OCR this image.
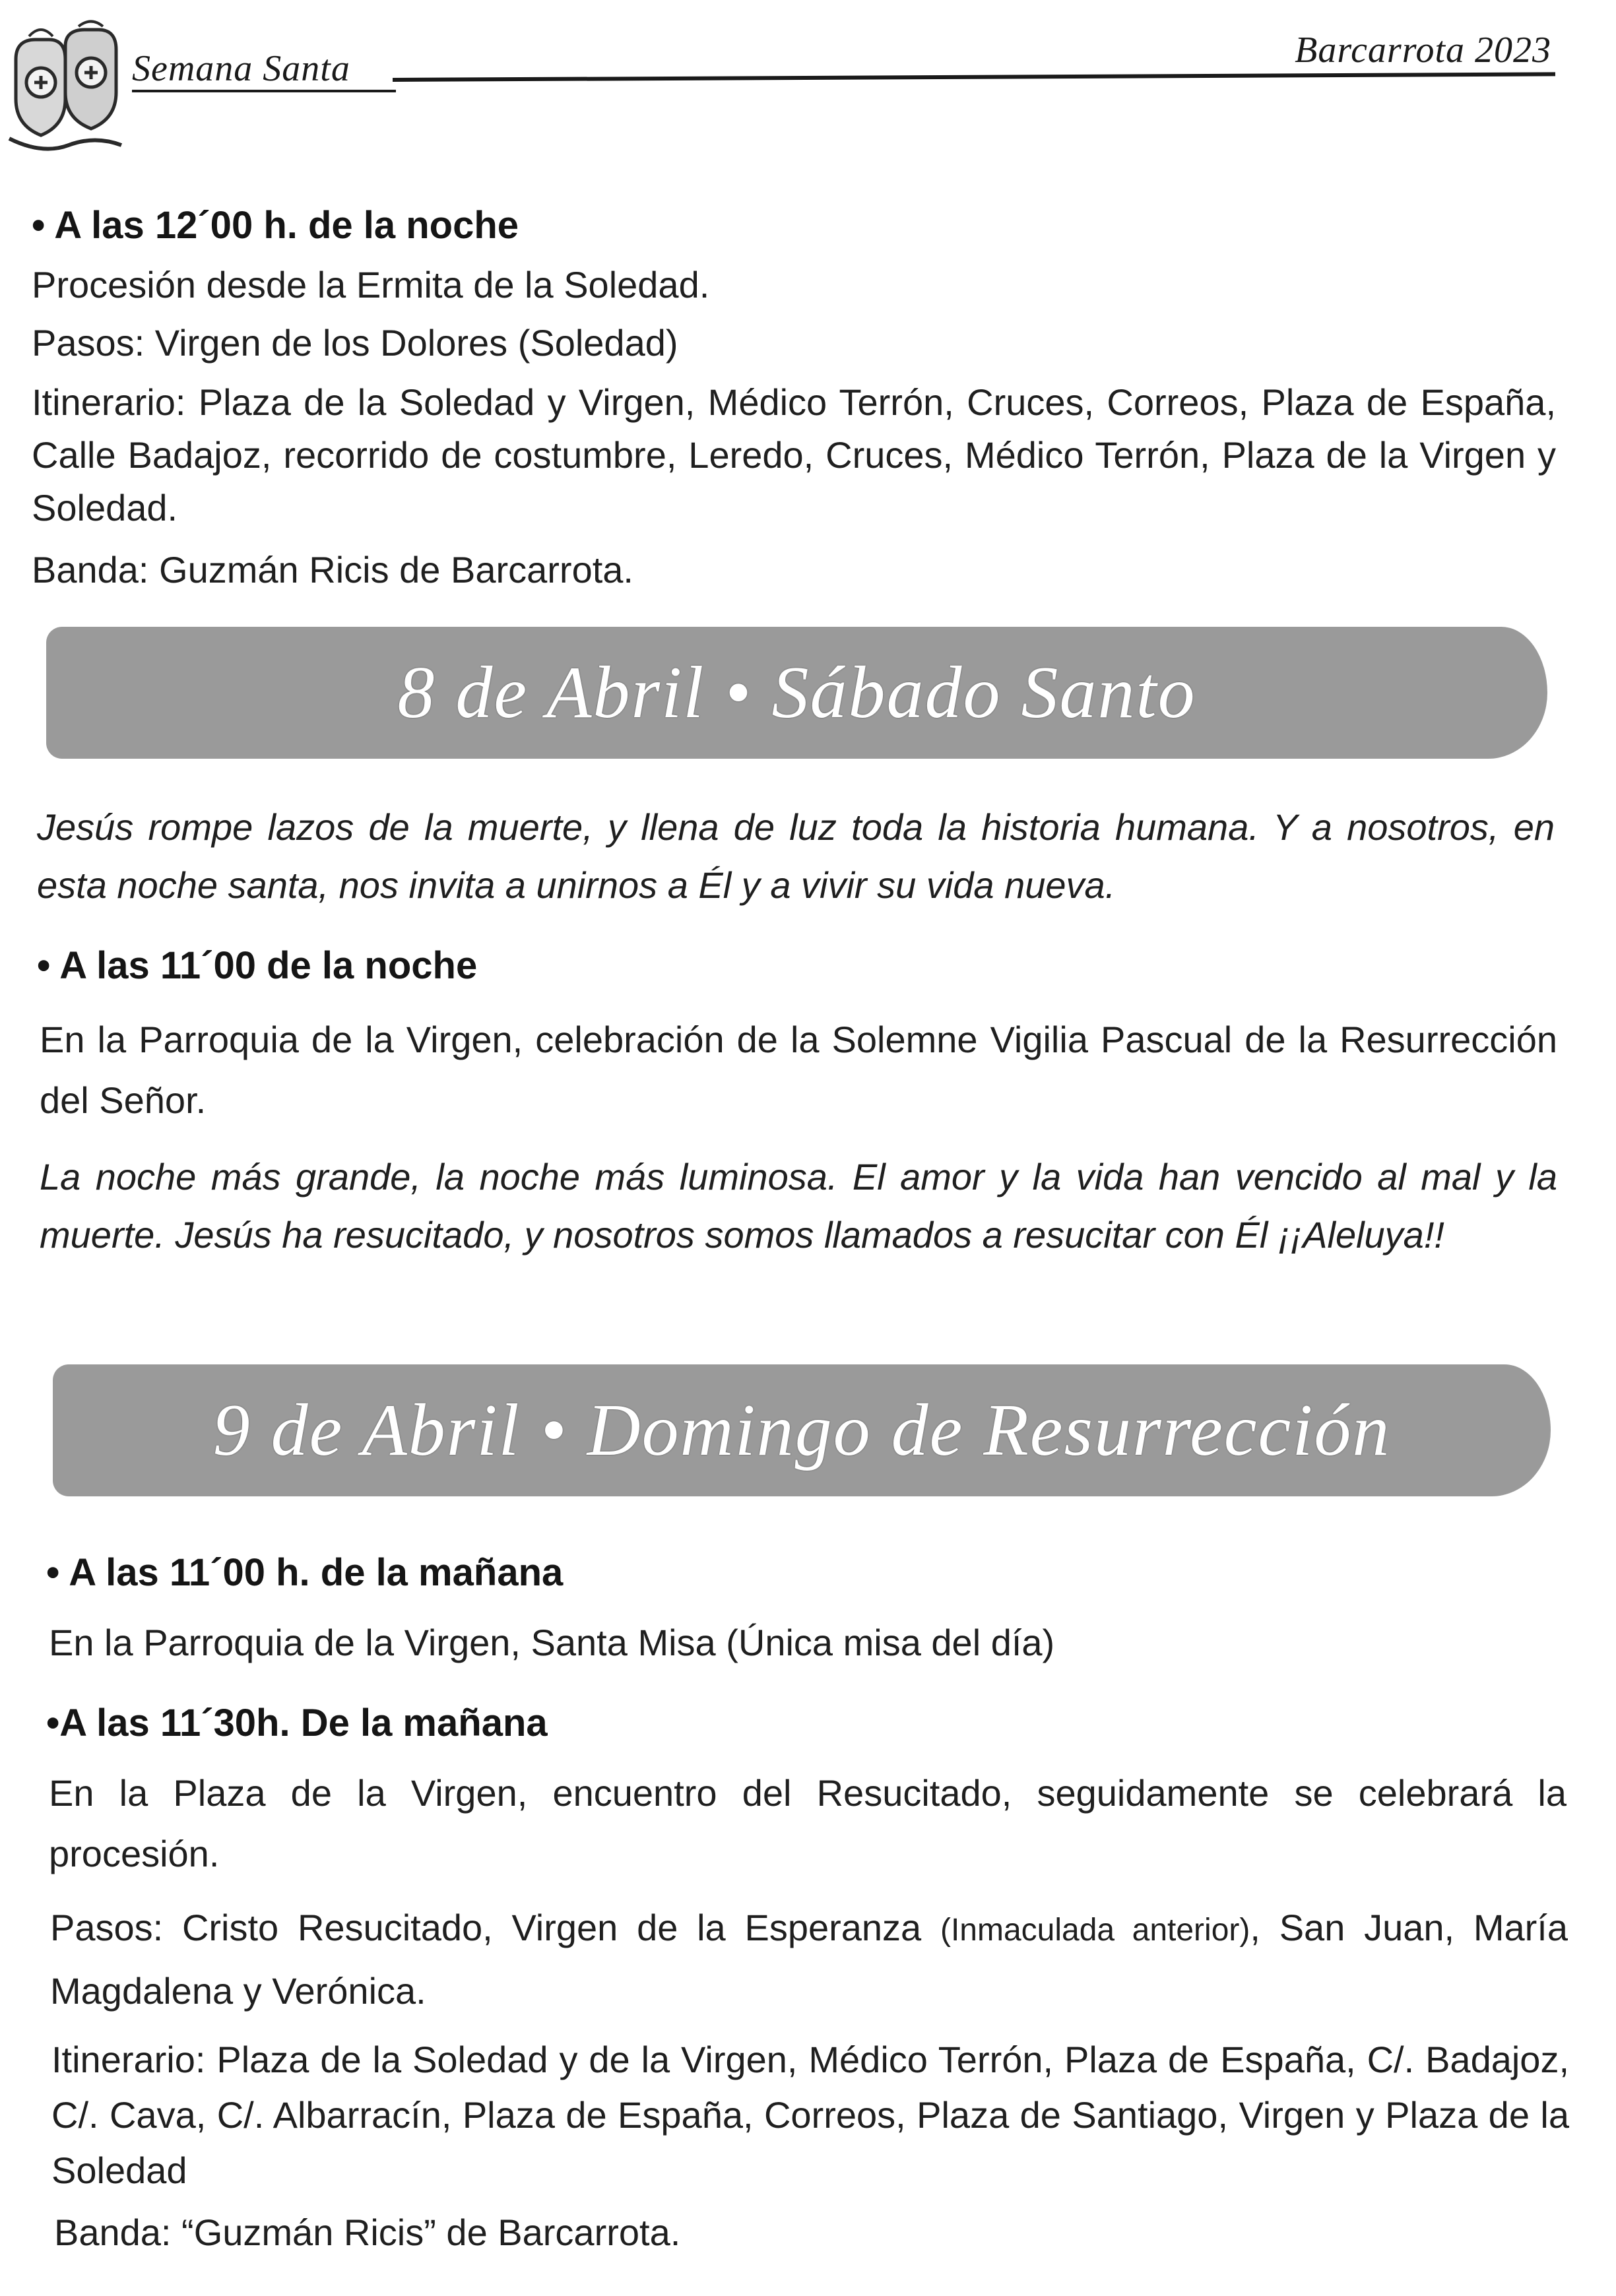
Semana Santa	Barcarrota 2023

• A las 12´00 h. de la noche

Procesión desde la Ermita de la Soledad.

Pasos: Virgen de los Dolores (Soledad)

Itinerario: Plaza de la Soledad y Virgen, Médico Terrón, Cruces, Correos, Plaza de España, Calle Badajoz, recorrido de costumbre, Leredo, Cruces, Médico Terrón, Plaza de la Virgen y Soledad.

Banda: Guzmán Ricis de Barcarrota.

8 de Abril • Sábado Santo

Jesús rompe lazos de la muerte, y llena de luz toda la historia humana. Y a nosotros, en esta noche santa, nos invita a unirnos a Él y a vivir su vida nueva.

• A las 11´00 de la noche

En la Parroquia de la Virgen, celebración de la Solemne Vigilia Pascual de la Resurrección del Señor.

La noche más grande, la noche más luminosa. El amor y la vida han vencido al mal y la muerte. Jesús ha resucitado, y nosotros somos llamados a resucitar con Él ¡¡Aleluya!!

9 de Abril • Domingo de Resurrección

• A las 11´00 h. de la mañana

En la Parroquia de la Virgen, Santa Misa (Única misa del día)

•A las 11´30h. De la mañana

En la Plaza de la Virgen, encuentro del Resucitado, seguidamente se celebrará la procesión.

Pasos: Cristo Resucitado, Virgen de la Esperanza (Inmaculada anterior), San Juan, María Magdalena y Verónica.

Itinerario: Plaza de la Soledad y de la Virgen, Médico Terrón, Plaza de España, C/. Badajoz, C/. Cava, C/. Albarracín, Plaza de España, Correos, Plaza de Santiago, Virgen y Plaza de la Soledad

Banda: “Guzmán Ricis” de Barcarrota.
